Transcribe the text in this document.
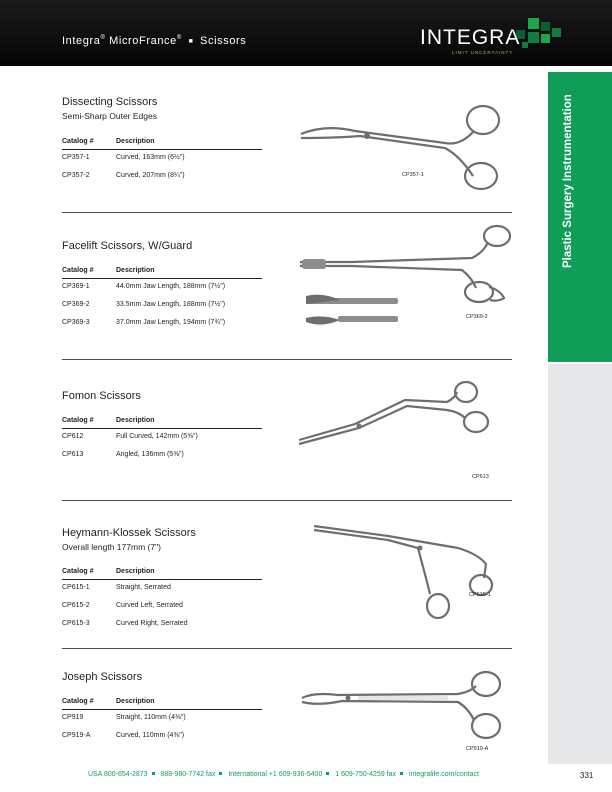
Integra® MicroFrance® ■ Scissors	INTEGRA
LIMIT UNCERTAINTY
Plastic Surgery Instrumentation
Dissecting Scissors
Semi-Sharp Outer Edges
Catalog #	Description
CP357-1	Curved, 163mm (6½")
CP357-2	Curved, 207mm (8¼")	CP357-1
Facelift Scissors, W/Guard
Catalog #	Description
CP369-1	44.0mm Jaw Length, 188mm (7½")
CP369-2	33.5mm Jaw Length, 188mm (7½")
CP369-3	37.0mm Jaw Length, 194mm (7¾")
CP369-2
Fomon Scissors
Catalog #	Description
CP612	Full Curved, 142mm (5⅝")
CP613	Angled, 136mm (5⅜")
CP613
Heymann-Klossek Scissors
Overall length 177mm (7")
Catalog #	Description
CP615-1	Straight, Serrated
CP615-2	Curved Left, Serrated
CP615-3	Curved Right, Serrated
CP615-1
Joseph Scissors
Catalog #	Description
CP919	Straight, 110mm (4⅜")
CP919-A	Curved, 110mm (4⅜")
CP919-A
USA 800-654-2873 888-980-7742 fax International +1 609-936-5400 1 609-750-4259 fax integralife.com/contact	331
